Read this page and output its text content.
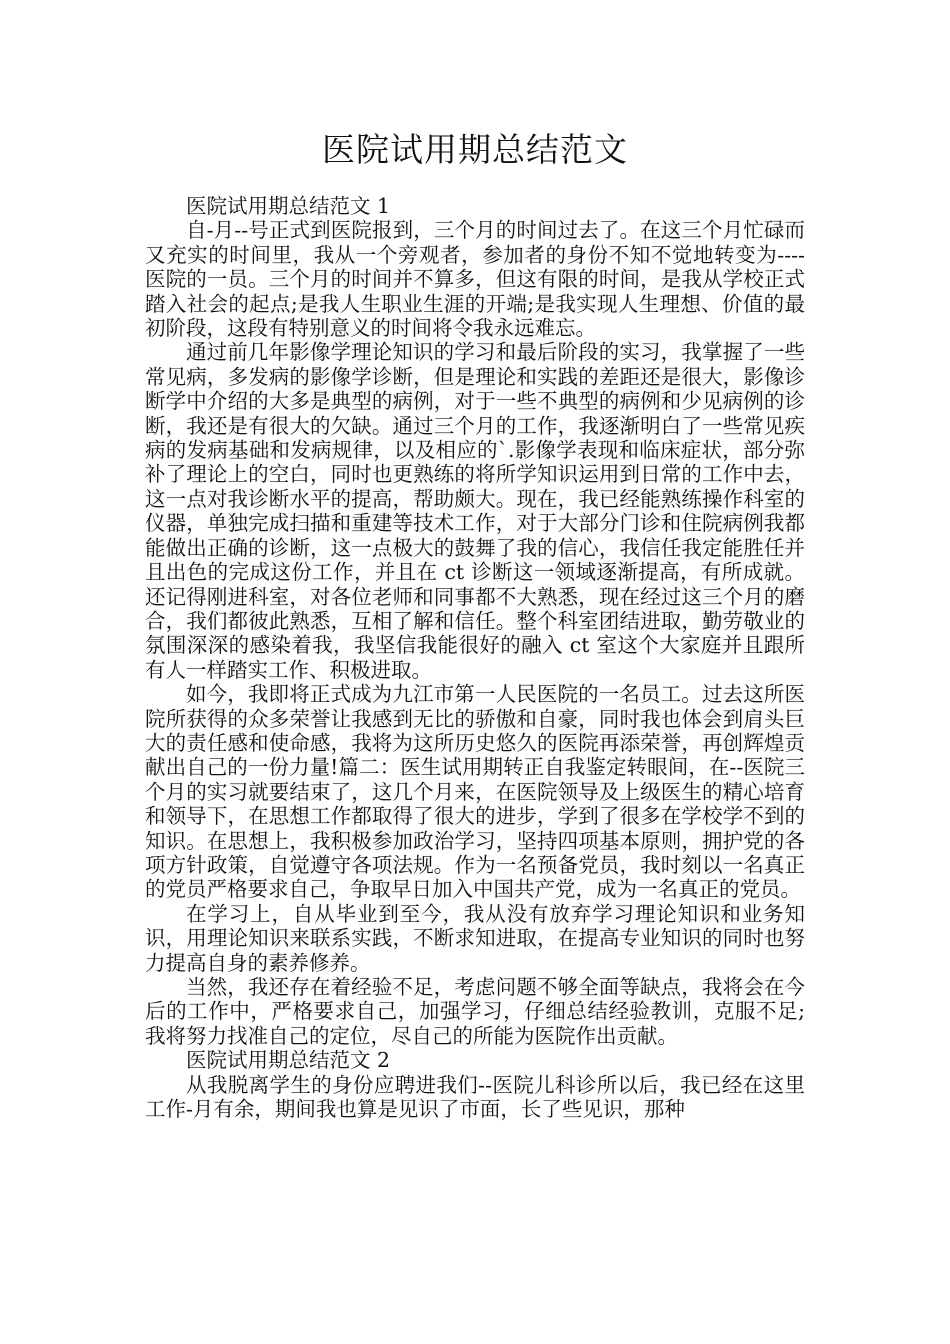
医院试用期总结范文

医院试用期总结范文 1

自-月--号正式到医院报到，三个月的时间过去了。在这三个月忙碌而又充实的时间里，我从一个旁观者，参加者的身份不知不觉地转变为----医院的一员。三个月的时间并不算多，但这有限的时间，是我从学校正式踏入社会的起点;是我人生职业生涯的开端;是我实现人生理想、价值的最初阶段，这段有特别意义的时间将令我永远难忘。

通过前几年影像学理论知识的学习和最后阶段的实习，我掌握了一些常见病，多发病的影像学诊断，但是理论和实践的差距还是很大，影像诊断学中介绍的大多是典型的病例，对于一些不典型的病例和少见病例的诊断，我还是有很大的欠缺。通过三个月的工作，我逐渐明白了一些常见疾病的发病基础和发病规律，以及相应的`.影像学表现和临床症状，部分弥补了理论上的空白，同时也更熟练的将所学知识运用到日常的工作中去，这一点对我诊断水平的提高，帮助颇大。现在，我已经能熟练操作科室的仪器，单独完成扫描和重建等技术工作，对于大部分门诊和住院病例我都能做出正确的诊断，这一点极大的鼓舞了我的信心，我信任我定能胜任并且出色的完成这份工作，并且在 ct 诊断这一领域逐渐提高，有所成就。还记得刚进科室，对各位老师和同事都不大熟悉，现在经过这三个月的磨合，我们都彼此熟悉，互相了解和信任。整个科室团结进取，勤劳敬业的氛围深深的感染着我，我坚信我能很好的融入 ct 室这个大家庭并且跟所有人一样踏实工作、积极进取。

如今，我即将正式成为九江市第一人民医院的一名员工。过去这所医院所获得的众多荣誉让我感到无比的骄傲和自豪，同时我也体会到肩头巨大的责任感和使命感，我将为这所历史悠久的医院再添荣誉，再创辉煌贡献出自己的一份力量!篇二：医生试用期转正自我鉴定转眼间，在--医院三个月的实习就要结束了，这几个月来，在医院领导及上级医生的精心培育和领导下，在思想工作都取得了很大的进步，学到了很多在学校学不到的知识。在思想上，我积极参加政治学习，坚持四项基本原则，拥护党的各项方针政策，自觉遵守各项法规。作为一名预备党员，我时刻以一名真正的党员严格要求自己，争取早日加入中国共产党，成为一名真正的党员。

在学习上，自从毕业到至今，我从没有放弃学习理论知识和业务知识，用理论知识来联系实践，不断求知进取，在提高专业知识的同时也努力提高自身的素养修养。

当然，我还存在着经验不足，考虑问题不够全面等缺点，我将会在今后的工作中，严格要求自己，加强学习，仔细总结经验教训，克服不足;我将努力找准自己的定位，尽自己的所能为医院作出贡献。

医院试用期总结范文 2

从我脱离学生的身份应聘进我们--医院儿科诊所以后，我已经在这里工作-月有余，期间我也算是见识了市面，长了些见识，那种
